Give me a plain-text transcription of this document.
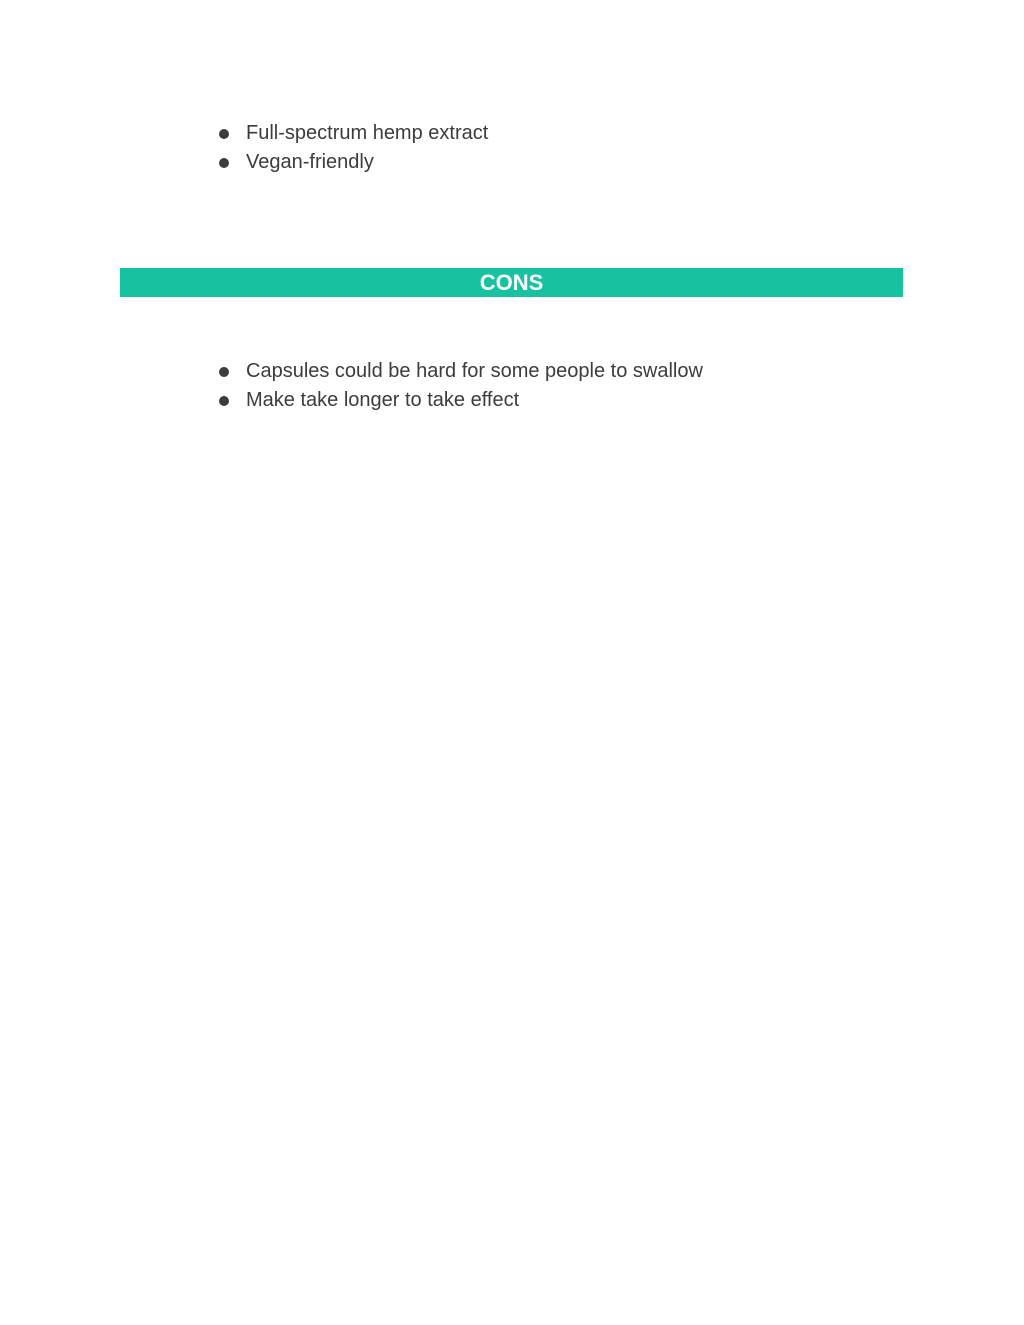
Full-spectrum hemp extract
Vegan-friendly
CONS
Capsules could be hard for some people to swallow
Make take longer to take effect
